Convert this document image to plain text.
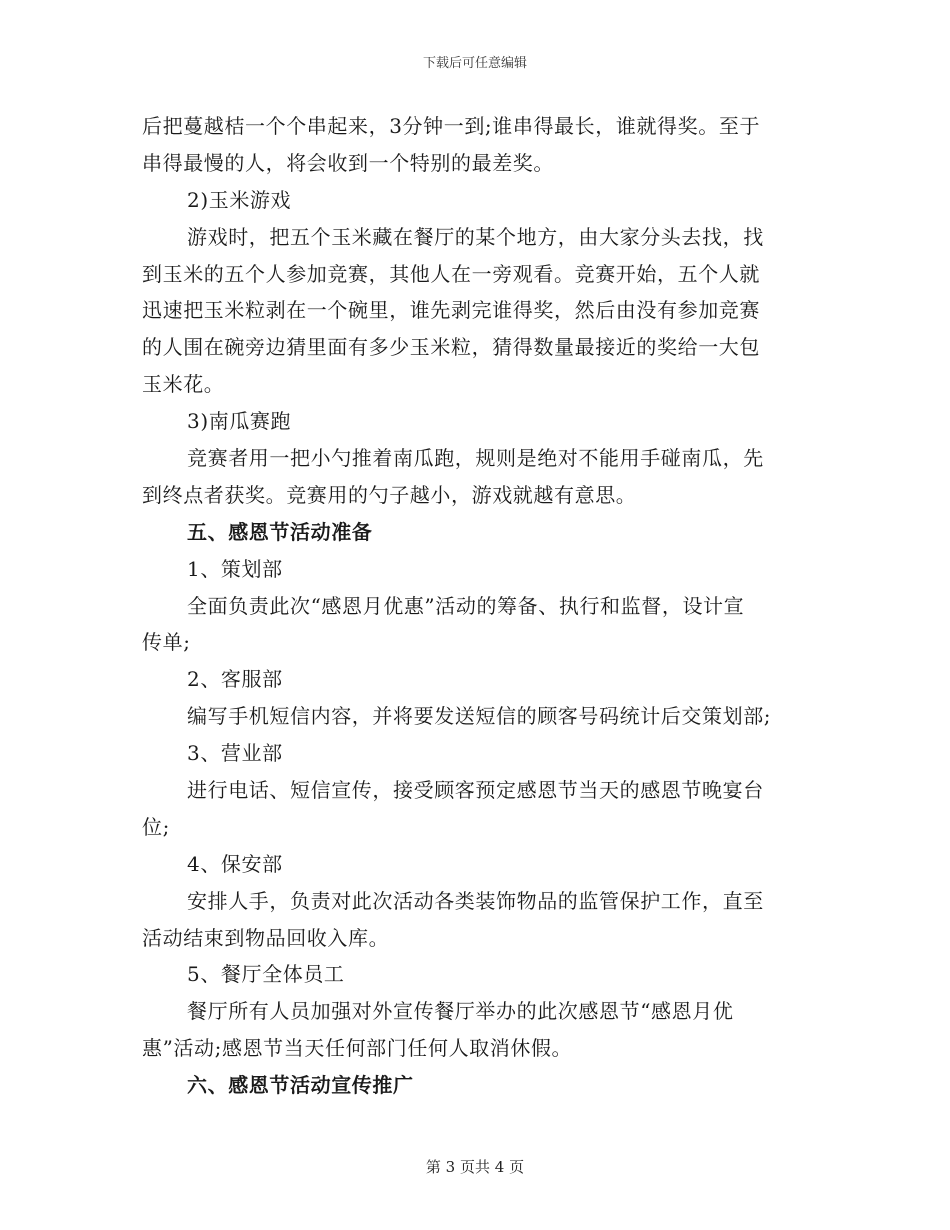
下载后可任意编辑
后把蔓越桔一个个串起来，3分钟一到;谁串得最长，谁就得奖。至于
串得最慢的人，将会收到一个特别的最差奖。
2)玉米游戏
游戏时，把五个玉米藏在餐厅的某个地方，由大家分头去找，找
到玉米的五个人参加竞赛，其他人在一旁观看。竞赛开始，五个人就
迅速把玉米粒剥在一个碗里，谁先剥完谁得奖，然后由没有参加竞赛
的人围在碗旁边猜里面有多少玉米粒，猜得数量最接近的奖给一大包
玉米花。
3)南瓜赛跑
竞赛者用一把小勺推着南瓜跑，规则是绝对不能用手碰南瓜，先
到终点者获奖。竞赛用的勺子越小，游戏就越有意思。
五、感恩节活动准备
1、策划部
全面负责此次“感恩月优惠”活动的筹备、执行和监督，设计宣
传单;
2、客服部
编写手机短信内容，并将要发送短信的顾客号码统计后交策划部;
3、营业部
进行电话、短信宣传，接受顾客预定感恩节当天的感恩节晚宴台
位;
4、保安部
安排人手，负责对此次活动各类装饰物品的监管保护工作，直至
活动结束到物品回收入库。
5、餐厅全体员工
餐厅所有人员加强对外宣传餐厅举办的此次感恩节“感恩月优
惠”活动;感恩节当天任何部门任何人取消休假。
六、感恩节活动宣传推广
第 3 页共 4 页
